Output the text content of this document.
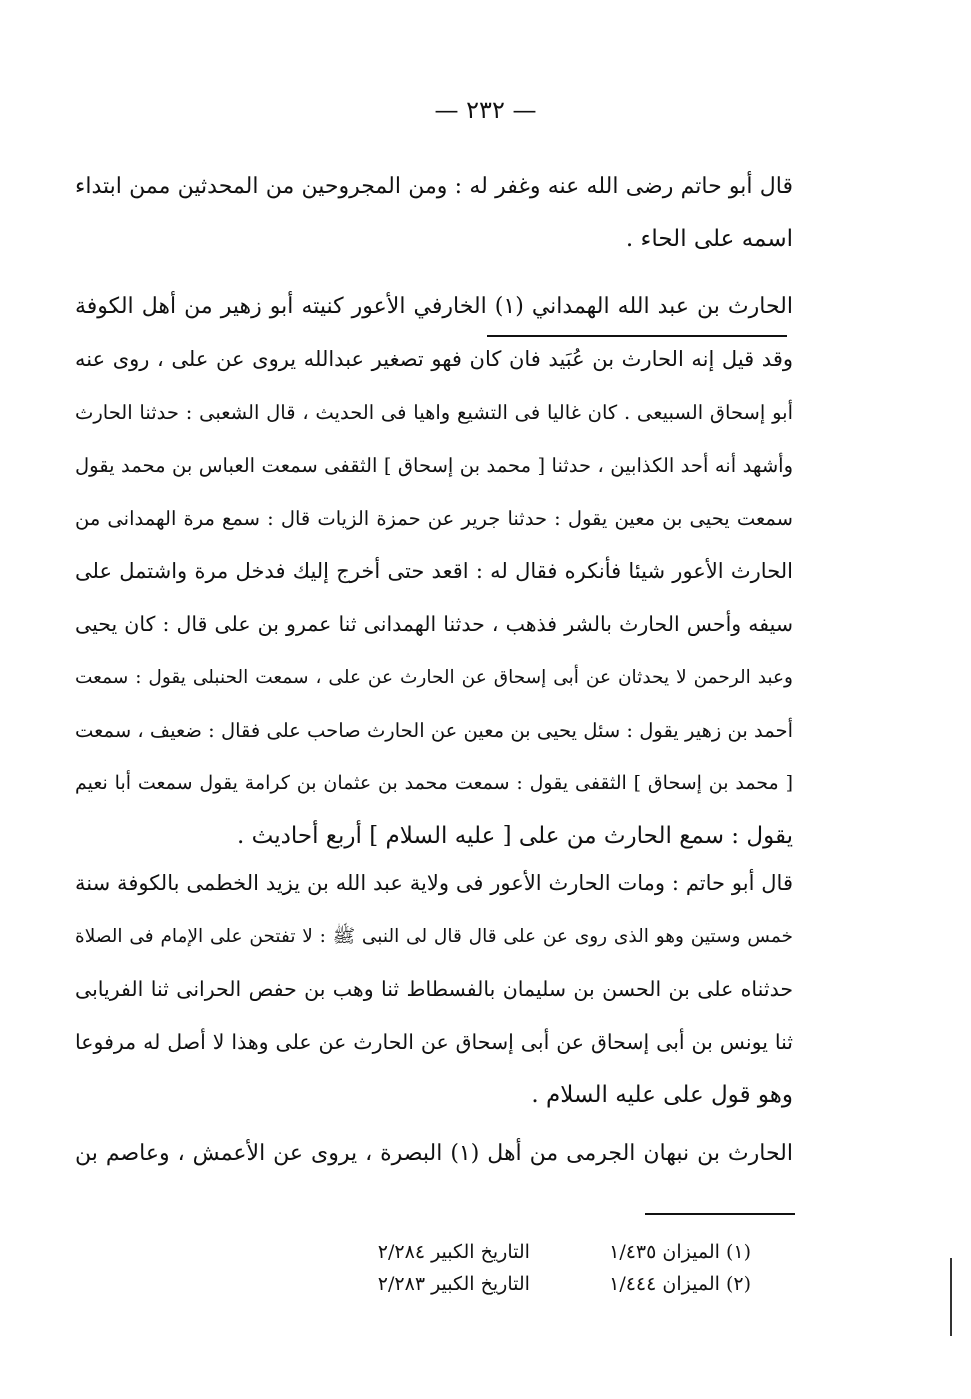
— ٢٣٢ —
قال أبو حاتم رضى الله عنه وغفر له : ومن المجروحين من المحدثين ممن ابتداء
اسمه على الحاء .
الحارث بن عبد الله الهمداني (١) الخارفي الأعور كنيته أبو زهير من أهل الكوفة
وقد قيل إنه الحارث بن عُبَيد فان كان فهو تصغير عبدالله يروى عن على ، روى عنه
أبو إسحاق السبيعى . كان غاليا فى التشيع واهيا فى الحديث ، قال الشعبى : حدثنا الحارث
وأشهد أنه أحد الكذابين ، حدثنا [ محمد بن إسحاق ] الثقفى سمعت العباس بن محمد يقول
سمعت يحيى بن معين يقول : حدثنا جرير عن حمزة الزيات قال : سمع مرة الهمدانى من
الحارث الأعور شيئا فأنكره فقال له : اقعد حتى أخرج إليك فدخل مرة واشتمل على
سيفه وأحس الحارث بالشر فذهب ، حدثنا الهمدانى ثنا عمرو بن على قال : كان يحيى
وعبد الرحمن لا يحدثان عن أبى إسحاق عن الحارث عن على ، سمعت الحنبلى يقول : سمعت
أحمد بن زهير يقول : سئل يحيى بن معين عن الحارث صاحب على فقال : ضعيف ، سمعت
[ محمد بن إسحاق ] الثقفى يقول : سمعت محمد بن عثمان بن كرامة يقول سمعت أبا نعيم
يقول : سمع الحارث من على [ عليه السلام ] أربع أحاديث .
قال أبو حاتم : ومات الحارث الأعور فى ولاية عبد الله بن يزيد الخطمى بالكوفة سنة
خمس وستين وهو الذى روى عن على قال قال لى النبى ﷺ : لا تفتحن على الإمام فى الصلاة
حدثناه على بن الحسن بن سليمان بالفسطاط ثنا وهب بن حفص الحرانى ثنا الفريابى
ثنا يونس بن أبى إسحاق عن أبى إسحاق عن الحارث عن على وهذا لا أصل له مرفوعا
وهو قول على عليه السلام .
الحارث بن نبهان الجرمى من أهل (١) البصرة ، يروى عن الأعمش ، وعاصم بن
(١) الميزان ١/٤٣٥ التاريخ الكبير ٢/٢٨٤
(٢) الميزان ١/٤٤٤ التاريخ الكبير ٢/٢٨٣
